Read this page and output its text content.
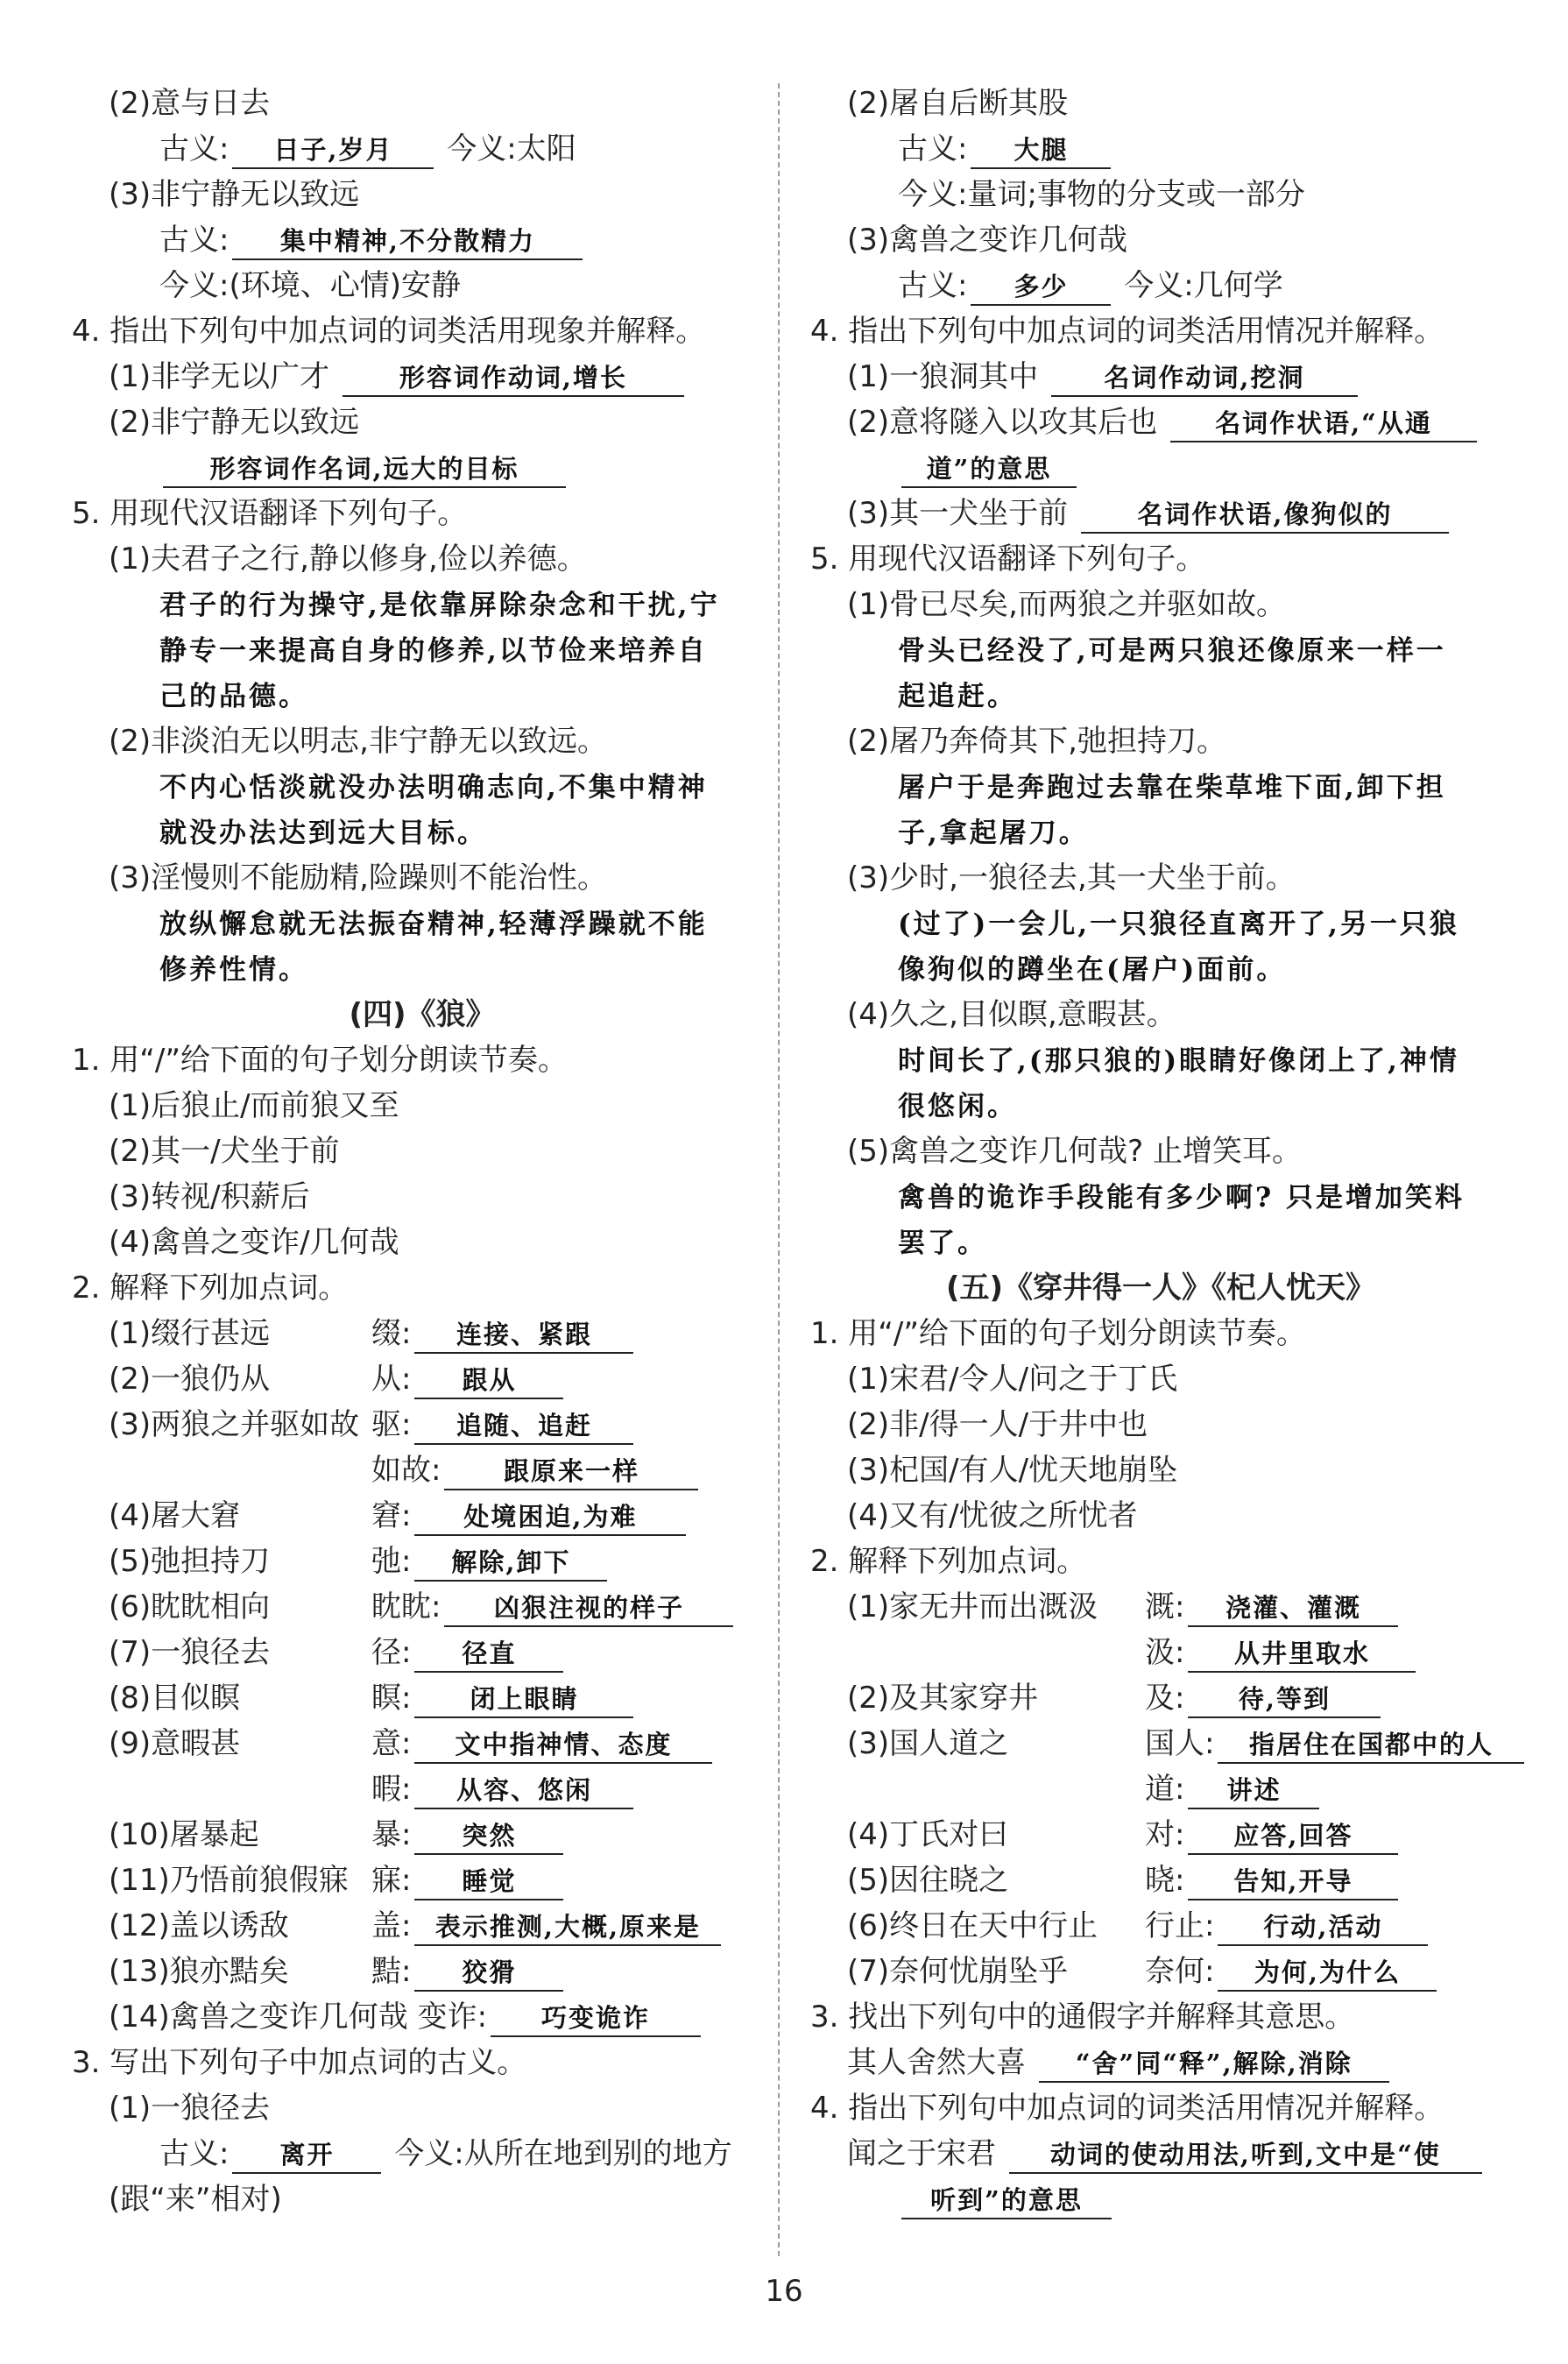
(2)意与日去
古义: 日子,岁月 今义:太阳
(3)非宁静无以致远
古义: 集中精神,不分散精力
今义:(环境、心情)安静
4. 指出下列句中加点词的词类活用现象并解释。
(1)非学无以广才 形容词作动词,增长
(2)非宁静无以致远
形容词作名词,远大的目标
5. 用现代汉语翻译下列句子。
(1)夫君子之行,静以修身,俭以养德。
君子的行为操守,是依靠屏除杂念和干扰,宁
静专一来提高自身的修养,以节俭来培养自
己的品德。
(2)非淡泊无以明志,非宁静无以致远。
不内心恬淡就没办法明确志向,不集中精神
就没办法达到远大目标。
(3)淫慢则不能励精,险躁则不能治性。
放纵懈怠就无法振奋精神,轻薄浮躁就不能
修养性情。
(四)《狼》
1. 用“/”给下面的句子划分朗读节奏。
(1)后狼止/而前狼又至
(2)其一/犬坐于前
(3)转视/积薪后
(4)禽兽之变诈/几何哉
2. 解释下列加点词。
(1)缀行甚远	缀: 连接、紧跟
(2)一狼仍从	从: 跟从
(3)两狼之并驱如故 驱: 追随、追赶
如故: 跟原来一样
(4)屠大窘	窘: 处境困迫,为难
(5)弛担持刀	弛: 解除,卸下
(6)眈眈相向	眈眈: 凶狠注视的样子
(7)一狼径去	径: 径直
(8)目似瞑	瞑: 闭上眼睛
(9)意暇甚	意: 文中指神情、态度
暇: 从容、悠闲
(10)屠暴起	暴: 突然
(11)乃悟前狼假寐 寐: 睡觉
(12)盖以诱敌	盖: 表示推测,大概,原来是
(13)狼亦黠矣	黠: 狡猾
(14)禽兽之变诈几何哉 变诈: 巧变诡诈
3. 写出下列句子中加点词的古义。
(1)一狼径去
古义: 离开 今义:从所在地到别的地方
(跟“来”相对)
(2)屠自后断其股
古义: 大腿
今义:量词;事物的分支或一部分
(3)禽兽之变诈几何哉
古义: 多少 今义:几何学
4. 指出下列句中加点词的词类活用情况并解释。
(1)一狼洞其中 名词作动词,挖洞
(2)意将隧入以攻其后也 名词作状语,“从通
道”的意思
(3)其一犬坐于前 名词作状语,像狗似的
5. 用现代汉语翻译下列句子。
(1)骨已尽矣,而两狼之并驱如故。
骨头已经没了,可是两只狼还像原来一样一
起追赶。
(2)屠乃奔倚其下,弛担持刀。
屠户于是奔跑过去靠在柴草堆下面,卸下担
子,拿起屠刀。
(3)少时,一狼径去,其一犬坐于前。
(过了)一会儿,一只狼径直离开了,另一只狼
像狗似的蹲坐在(屠户)面前。
(4)久之,目似瞑,意暇甚。
时间长了,(那只狼的)眼睛好像闭上了,神情
很悠闲。
(5)禽兽之变诈几何哉? 止增笑耳。
禽兽的诡诈手段能有多少啊? 只是增加笑料
罢了。
(五)《穿井得一人》《杞人忧天》
1. 用“/”给下面的句子划分朗读节奏。
(1)宋君/令人/问之于丁氏
(2)非/得一人/于井中也
(3)杞国/有人/忧天地崩坠
(4)又有/忧彼之所忧者
2. 解释下列加点词。
(1)家无井而出溉汲 溉: 浇灌、灌溉
汲: 从井里取水
(2)及其家穿井	及: 待,等到
(3)国人道之	国人: 指居住在国都中的人
道: 讲述
(4)丁氏对曰	对: 应答,回答
(5)因往晓之	晓: 告知,开导
(6)终日在天中行止 行止: 行动,活动
(7)奈何忧崩坠乎	奈何: 为何,为什么
3. 找出下列句中的通假字并解释其意思。
其人舍然大喜 “舍”同“释”,解除,消除
4. 指出下列句中加点词的词类活用情况并解释。
闻之于宋君 动词的使动用法,听到,文中是“使
听到”的意思
16
